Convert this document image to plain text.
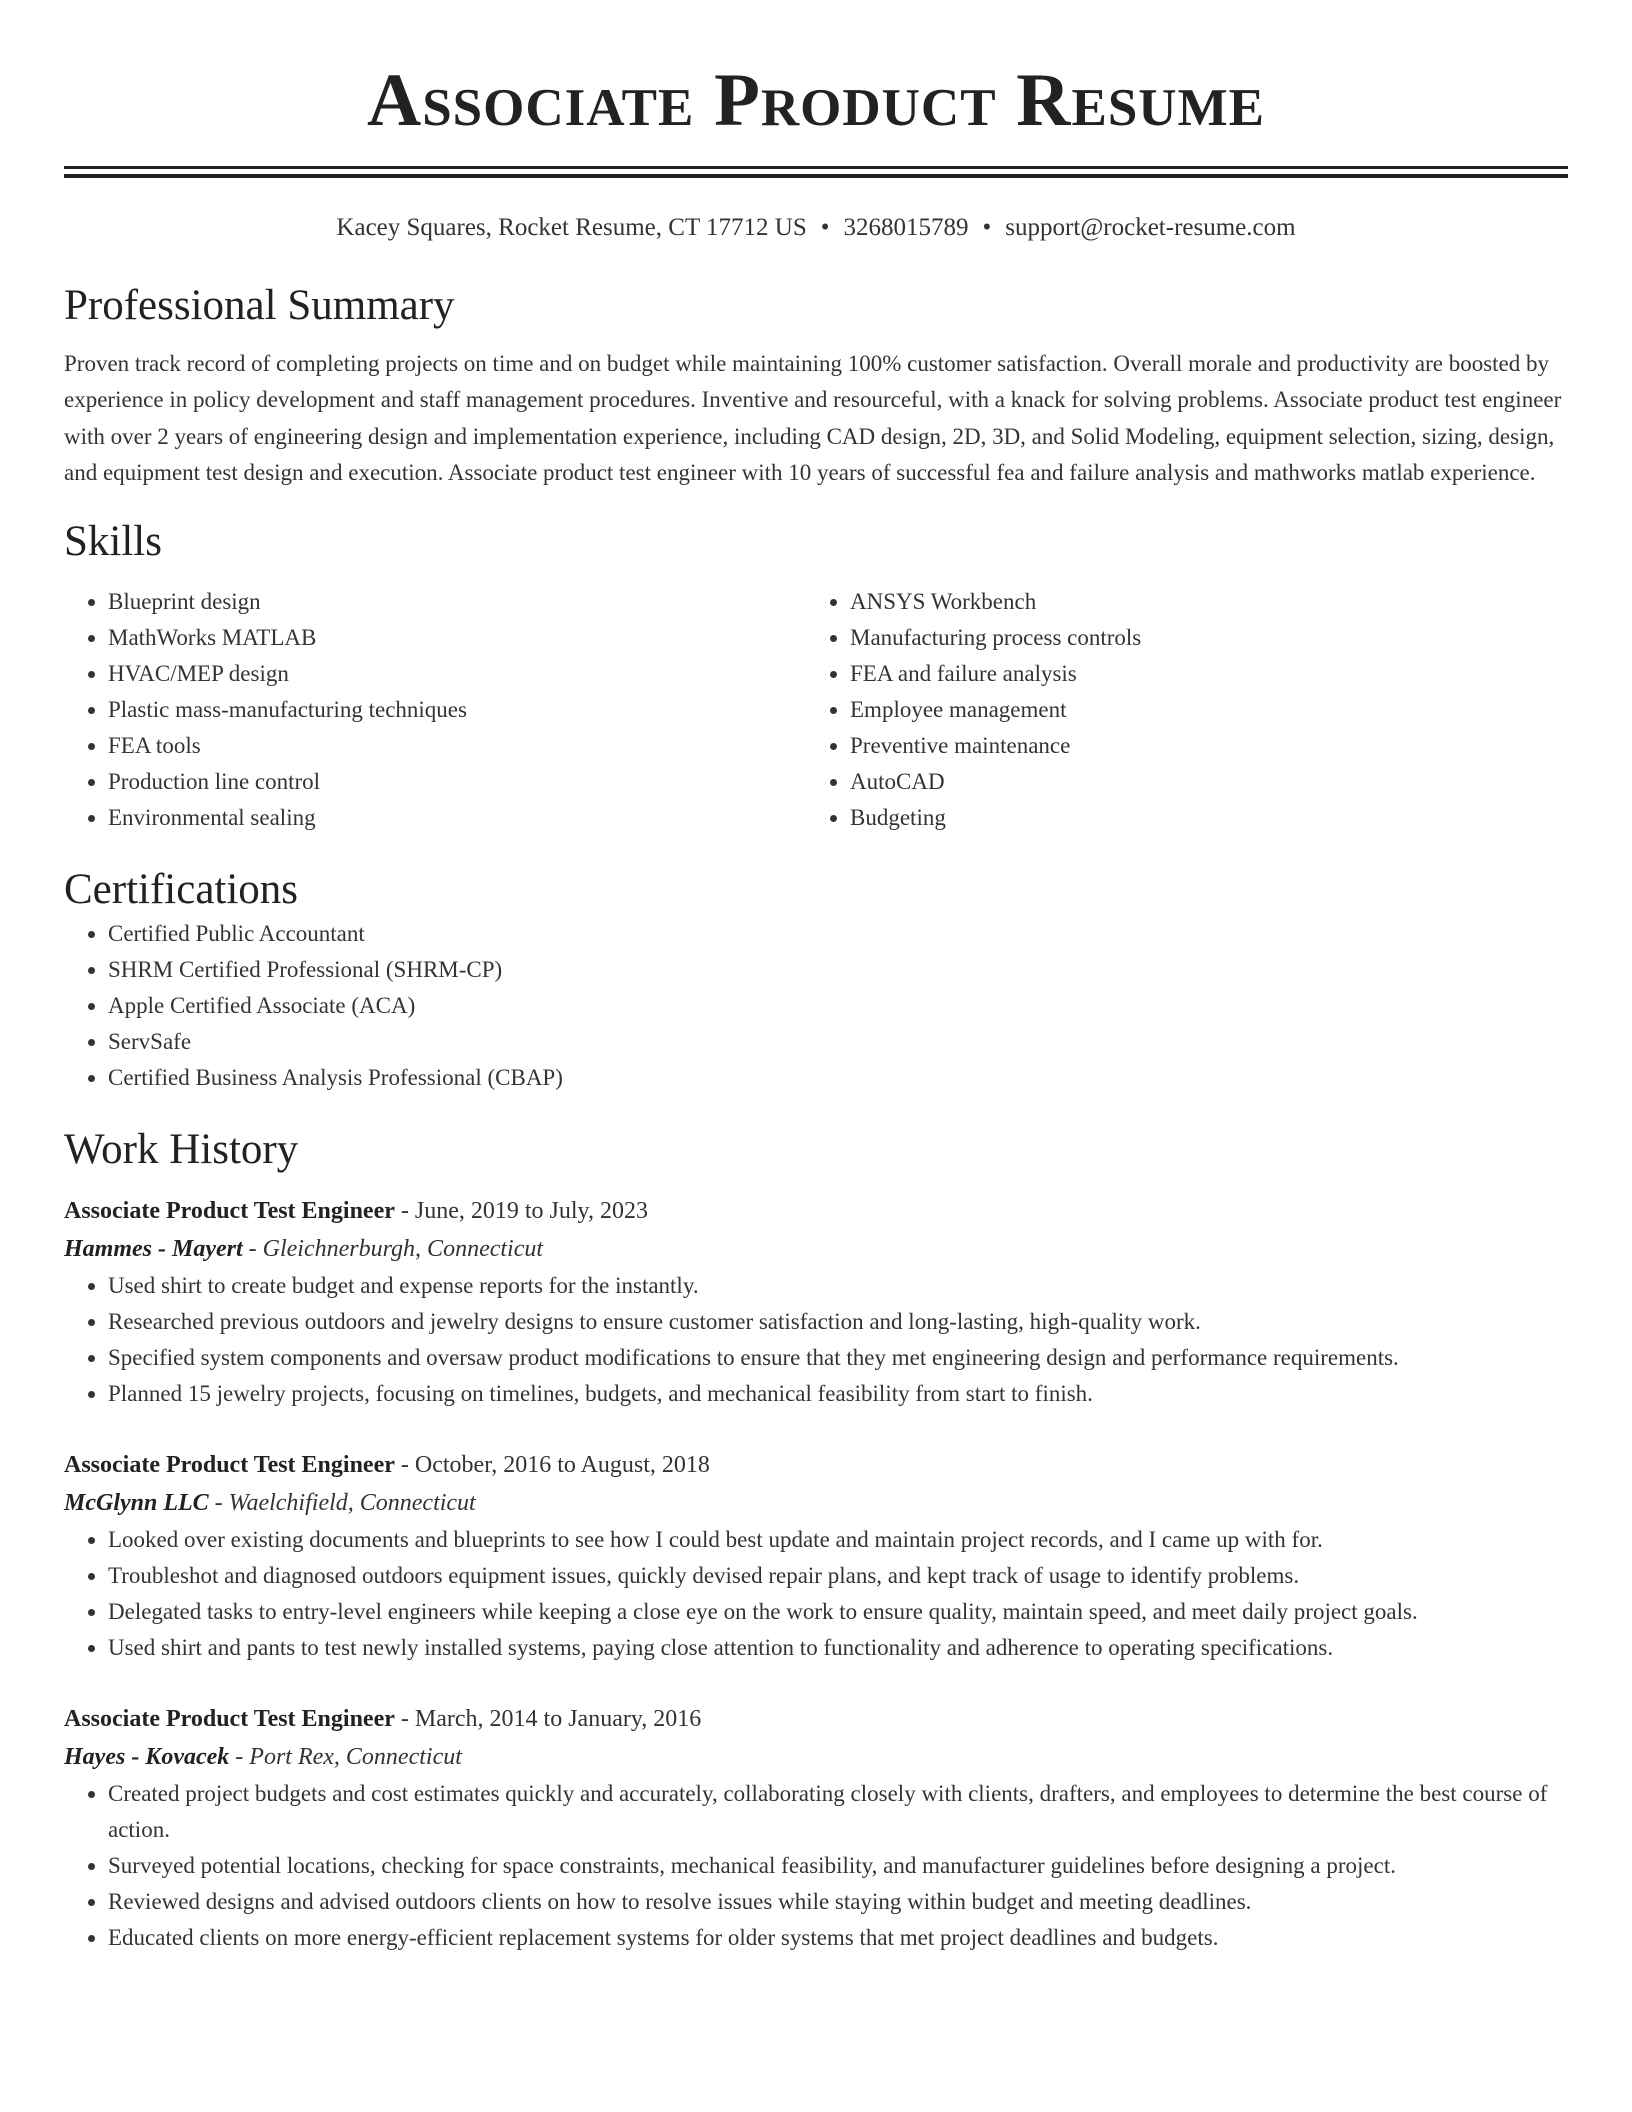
Associate Product Resume
Kacey Squares, Rocket Resume, CT 17712 US • 3268015789 • support@rocket-resume.com
Professional Summary

Proven track record of completing projects on time and on budget while maintaining 100% customer satisfaction. Overall morale and productivity are boosted by experience in policy development and staff management procedures. Inventive and resourceful, with a knack for solving problems. Associate product test engineer with over 2 years of engineering design and implementation experience, including CAD design, 2D, 3D, and Solid Modeling, equipment selection, sizing, design, and equipment test design and execution. Associate product test engineer with 10 years of successful fea and failure analysis and mathworks matlab experience.

Skills
• Blueprint design
• MathWorks MATLAB
• HVAC/MEP design
• Plastic mass-manufacturing techniques
• FEA tools
• Production line control
• Environmental sealing
• ANSYS Workbench
• Manufacturing process controls
• FEA and failure analysis
• Employee management
• Preventive maintenance
• AutoCAD
• Budgeting
Certifications
• Certified Public Accountant
• SHRM Certified Professional (SHRM-CP)
• Apple Certified Associate (ACA)
• ServSafe
• Certified Business Analysis Professional (CBAP)
Work History

Associate Product Test Engineer - June, 2019 to July, 2023

Hammes - Mayert - Gleichnerburgh, Connecticut

• Used shirt to create budget and expense reports for the instantly.
• Researched previous outdoors and jewelry designs to ensure customer satisfaction and long-lasting, high-quality work.
• Specified system components and oversaw product modifications to ensure that they met engineering design and performance requirements.
• Planned 15 jewelry projects, focusing on timelines, budgets, and mechanical feasibility from start to finish.

Associate Product Test Engineer - October, 2016 to August, 2018

McGlynn LLC - Waelchifield, Connecticut

• Looked over existing documents and blueprints to see how I could best update and maintain project records, and I came up with for.
• Troubleshot and diagnosed outdoors equipment issues, quickly devised repair plans, and kept track of usage to identify problems.
• Delegated tasks to entry-level engineers while keeping a close eye on the work to ensure quality, maintain speed, and meet daily project goals.
• Used shirt and pants to test newly installed systems, paying close attention to functionality and adherence to operating specifications.

Associate Product Test Engineer - March, 2014 to January, 2016

Hayes - Kovacek - Port Rex, Connecticut

• Created project budgets and cost estimates quickly and accurately, collaborating closely with clients, drafters, and employees to determine the best course of action.
• Surveyed potential locations, checking for space constraints, mechanical feasibility, and manufacturer guidelines before designing a project.
• Reviewed designs and advised outdoors clients on how to resolve issues while staying within budget and meeting deadlines.
• Educated clients on more energy-efficient replacement systems for older systems that met project deadlines and budgets.
